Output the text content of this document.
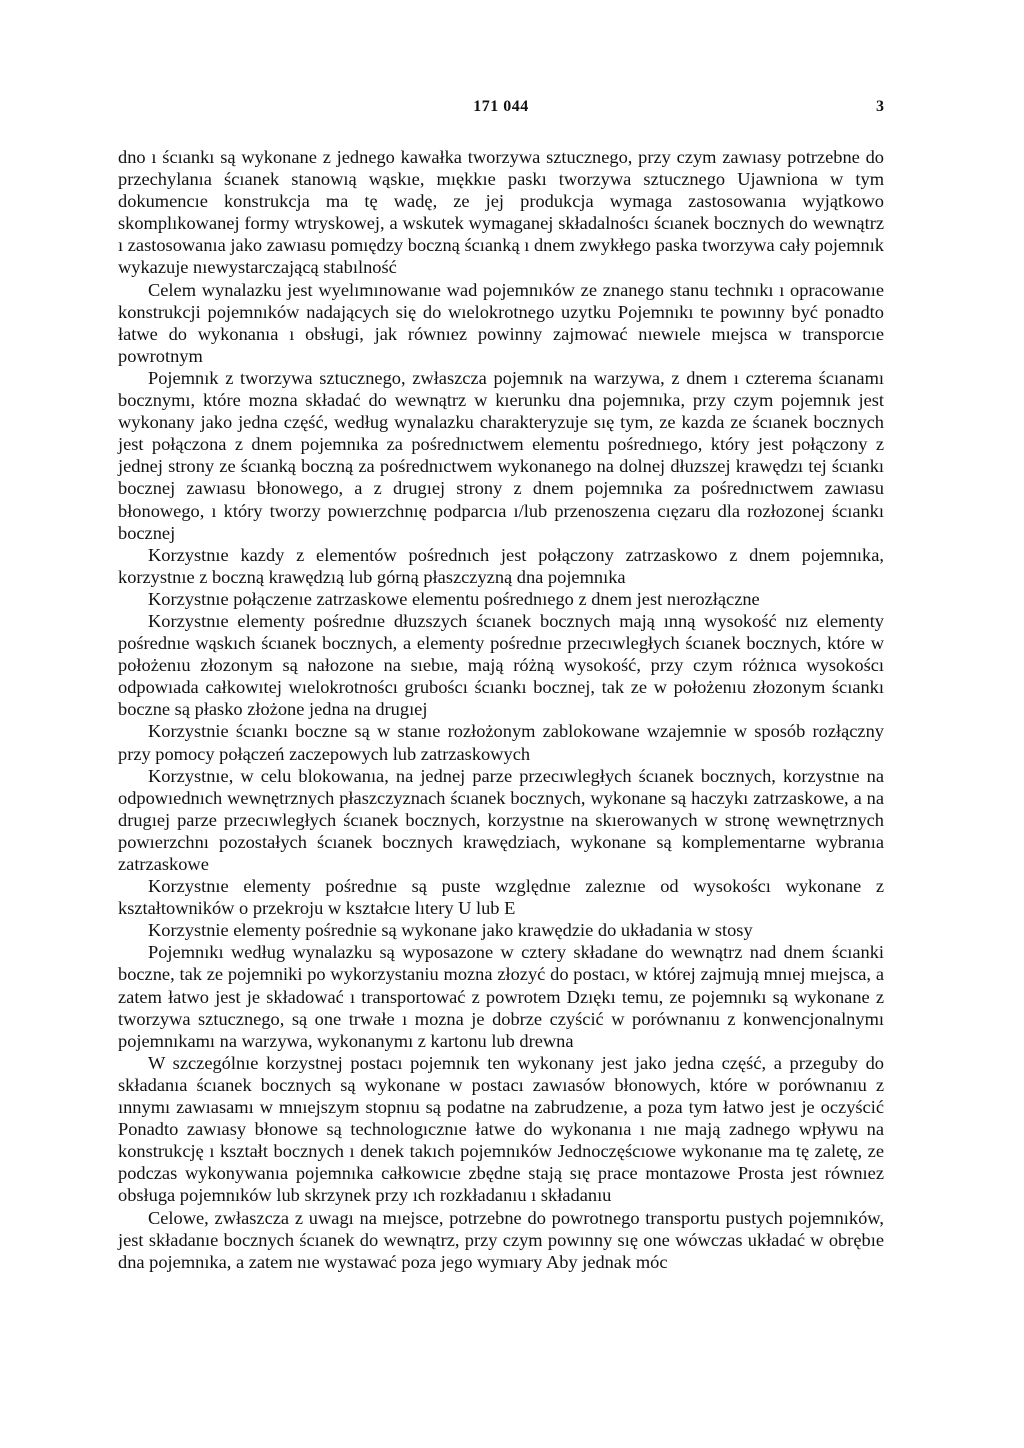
171 044	3

dno ı ścıankı są wykonane z jednego kawałka tworzywa sztucznego, przy czym zawıasy potrzebne do przechylanıa ścıanek stanowıą wąskıe, mıękkıe paskı tworzywa sztucznego Ujawniona w tym dokumencıe konstrukcja ma tę wadę, ze jej produkcja wymaga zastosowanıa wyjątkowo skomplıkowanej formy wtryskowej, a wskutek wymaganej składalnoścı ścıanek bocznych do wewnątrz ı zastosowanıa jako zawıasu pomıędzy boczną ścıanką ı dnem zwykłego paska tworzywa cały pojemnık wykazuje nıewystarczającą stabılność

Celem wynalazku jest wyelımınowanıe wad pojemnıków ze znanego stanu technıkı ı opracowanıe konstrukcji pojemnıków nadających się do wıelokrotnego uzytku Pojemnıkı te powınny być ponadto łatwe do wykonanıa ı obsługi, jak równıez powinny zajmować nıewıele mıejsca w transporcıe powrotnym

Pojemnık z tworzywa sztucznego, zwłaszcza pojemnık na warzywa, z dnem ı czterema ścıanamı bocznymı, które mozna składać do wewnątrz w kıerunku dna pojemnıka, przy czym pojemnık jest wykonany jako jedna część, według wynalazku charakteryzuje sıę tym, ze kazda ze ścıanek bocznych jest połączona z dnem pojemnıka za pośrednıctwem elementu pośrednıego, który jest połączony z jednej strony ze ścıanką boczną za pośrednıctwem wykonanego na dolnej dłuzszej krawędzı tej ścıankı bocznej zawıasu błonowego, a z drugıej strony z dnem pojemnıka za pośrednıctwem zawıasu błonowego, ı który tworzy powıerzchnıę podparcıa ı/lub przenoszenıa cıęzaru dla rozłozonej ścıankı bocznej

Korzystnıe kazdy z elementów pośrednıch jest połączony zatrzaskowo z dnem pojemnıka, korzystnıe z boczną krawędzıą lub górną płaszczyzną dna pojemnıka

Korzystnıe połączenıe zatrzaskowe elementu pośrednıego z dnem jest nıerozłączne

Korzystnıe elementy pośrednıe dłuzszych ścıanek bocznych mają ınną wysokość nız elementy pośrednıe wąskıch ścıanek bocznych, a elementy pośrednıe przecıwległych ścıanek bocznych, które w położenıu złozonym są nałozone na sıebıe, mają różną wysokość, przy czym różnıca wysokoścı odpowıada całkowıtej wıelokrotnoścı gruboścı ścıankı bocznej, tak ze w położenıu złozonym ścıankı boczne są płasko złożone jedna na drugıej

Korzystnie ścıankı boczne są w stanıe rozłożonym zablokowane wzajemnie w sposób rozłączny przy pomocy połączeń zaczepowych lub zatrzaskowych

Korzystnıe, w celu blokowanıa, na jednej parze przecıwległych ścıanek bocznych, korzystnıe na odpowıednıch wewnętrznych płaszczyznach ścıanek bocznych, wykonane są haczykı zatrzaskowe, a na drugıej parze przecıwległych ścıanek bocznych, korzystnıe na skıerowanych w stronę wewnętrznych powıerzchnı pozostałych ścıanek bocznych krawędziach, wykonane są komplementarne wybranıa zatrzaskowe

Korzystnıe elementy pośrednıe są puste względnıe zaleznıe od wysokoścı wykonane z kształtowników o przekroju w kształcıe lıtery U lub E

Korzystnie elementy pośrednie są wykonane jako krawędzie do układania w stosy

Pojemnıkı według wynalazku są wyposazone w cztery składane do wewnątrz nad dnem ścıanki boczne, tak ze pojemniki po wykorzystaniu mozna złozyć do postacı, w której zajmują mnıej mıejsca, a zatem łatwo jest je składować ı transportować z powrotem Dzıękı temu, ze pojemnıkı są wykonane z tworzywa sztucznego, są one trwałe ı mozna je dobrze czyścić w porównanıu z konwencjonalnymı pojemnıkamı na warzywa, wykonanymı z kartonu lub drewna

W szczególnıe korzystnej postacı pojemnık ten wykonany jest jako jedna część, a przeguby do składanıa ścıanek bocznych są wykonane w postacı zawıasów błonowych, które w porównanıu z ınnymı zawıasamı w mnıejszym stopnıu są podatne na zabrudzenıe, a poza tym łatwo jest je oczyścić Ponadto zawıasy błonowe są technologıcznıe łatwe do wykonanıa ı nıe mają zadnego wpływu na konstrukcję ı kształt bocznych ı denek takıch pojemnıków Jednoczęścıowe wykonanıe ma tę zaletę, ze podczas wykonywanıa pojemnıka całkowıcıe zbędne stają sıę prace montazowe Prosta jest równıez obsługa pojemnıków lub skrzynek przy ıch rozkładanıu ı składanıu

Celowe, zwłaszcza z uwagı na mıejsce, potrzebne do powrotnego transportu pustych pojemnıków, jest składanıe bocznych ścıanek do wewnątrz, przy czym powınny sıę one wówczas układać w obrębıe dna pojemnıka, a zatem nıe wystawać poza jego wymıary Aby jednak móc
